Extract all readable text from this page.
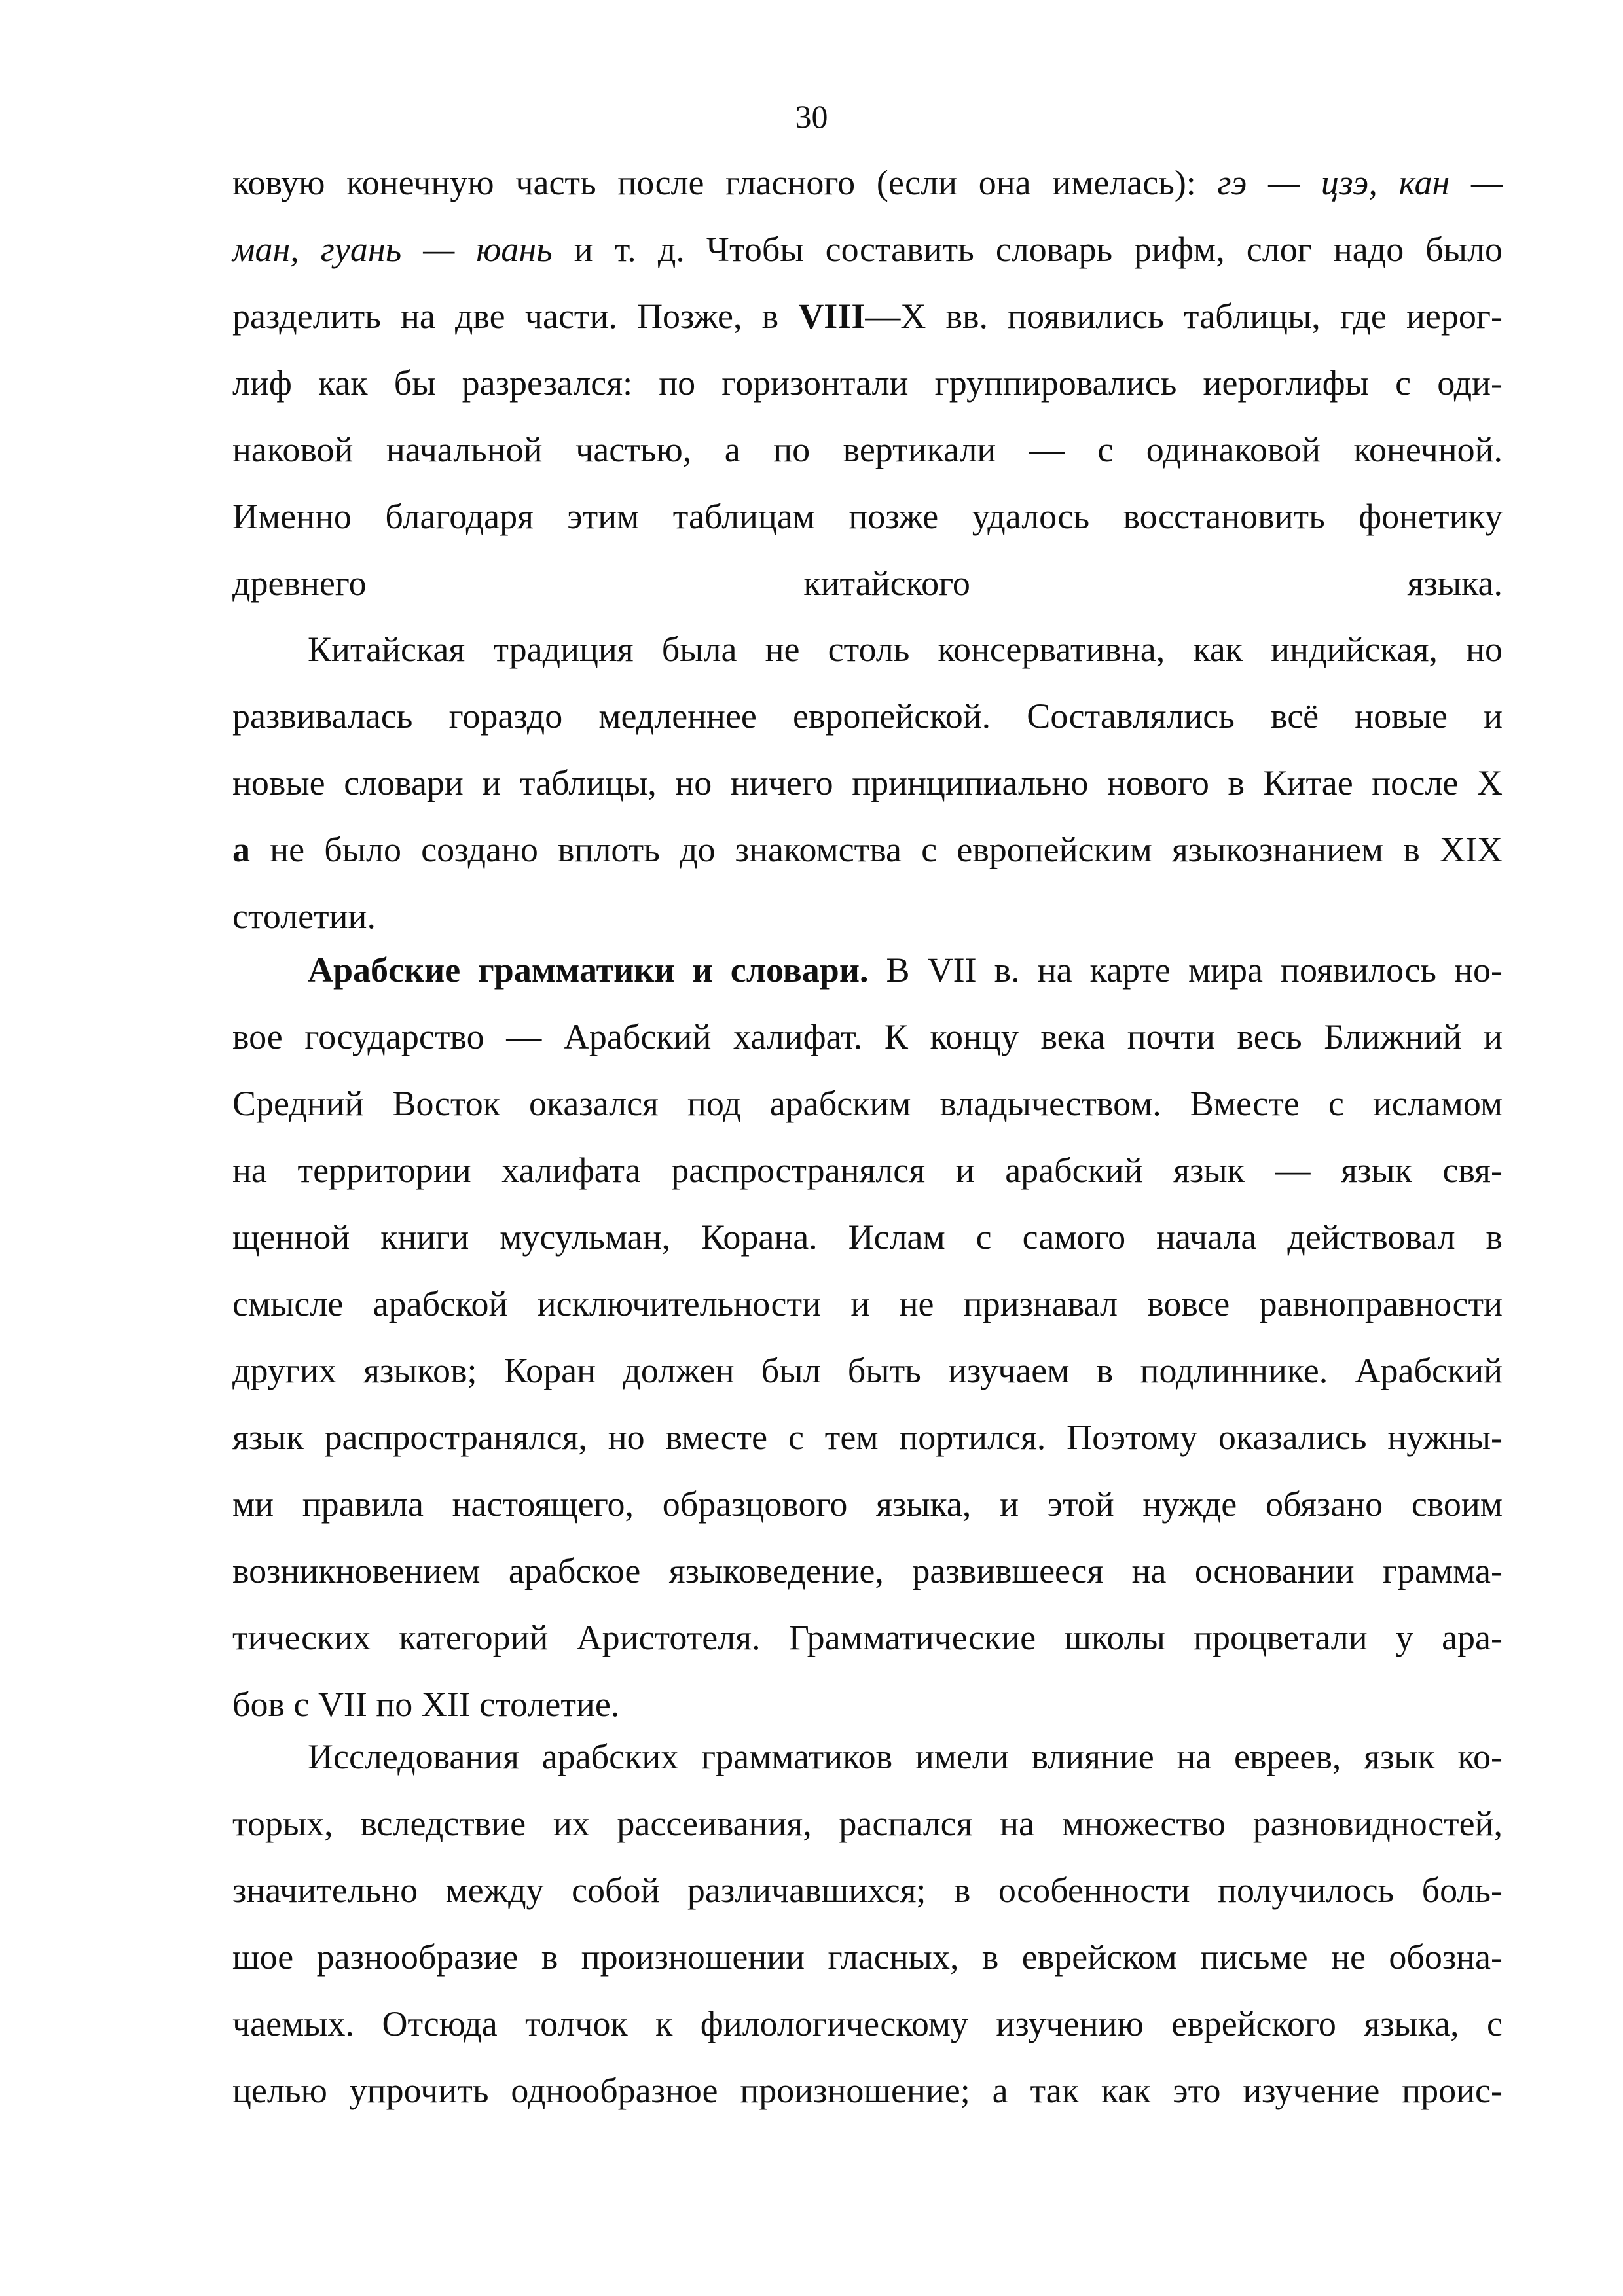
30
ковую конечную часть после гласного (если она имелась): гэ — цзэ, кан —
ман, гуань — юань и т. д. Чтобы составить словарь рифм, слог надо было
разделить на две части. Позже, в VIII—X вв. появились таблицы, где иерог-
лиф как бы разрезался: по горизонтали группировались иероглифы с оди-
наковой начальной частью, а по вертикали — с одинаковой конечной.
Именно благодаря этим таблицам позже удалось восстановить фонетику
древнего китайского языка.
Китайская традиция была не столь консервативна, как индийская, но
развивалась гораздо медленнее европейской. Составлялись всё новые и
новые словари и таблицы, но ничего принципиально нового в Китае после X
а не было создано вплоть до знакомства с европейским языкознанием в XIX
столетии.
Арабские грамматики и словари. В VII в. на карте мира появилось но-
вое государство — Арабский халифат. К концу века почти весь Ближний и
Средний Восток оказался под арабским владычеством. Вместе с исламом
на территории халифата распространялся и арабский язык — язык свя-
щенной книги мусульман, Корана. Ислам с самого начала действовал в
смысле арабской исключительности и не признавал вовсе равноправности
других языков; Коран должен был быть изучаем в подлиннике. Арабский
язык распространялся, но вместе с тем портился. Поэтому оказались нужны-
ми правила настоящего, образцового языка, и этой нужде обязано своим
возникновением арабское языковедение, развившееся на основании грамма-
тических категорий Аристотеля. Грамматические школы процветали у ара-
бов с VII по XII столетие.
Исследования арабских грамматиков имели влияние на евреев, язык ко-
торых, вследствие их рассеивания, распался на множество разновидностей,
значительно между собой различавшихся; в особенности получилось боль-
шое разнообразие в произношении гласных, в еврейском письме не обозна-
чаемых. Отсюда толчок к филологическому изучению еврейского языка, с
целью упрочить однообразное произношение; а так как это изучение проис-
